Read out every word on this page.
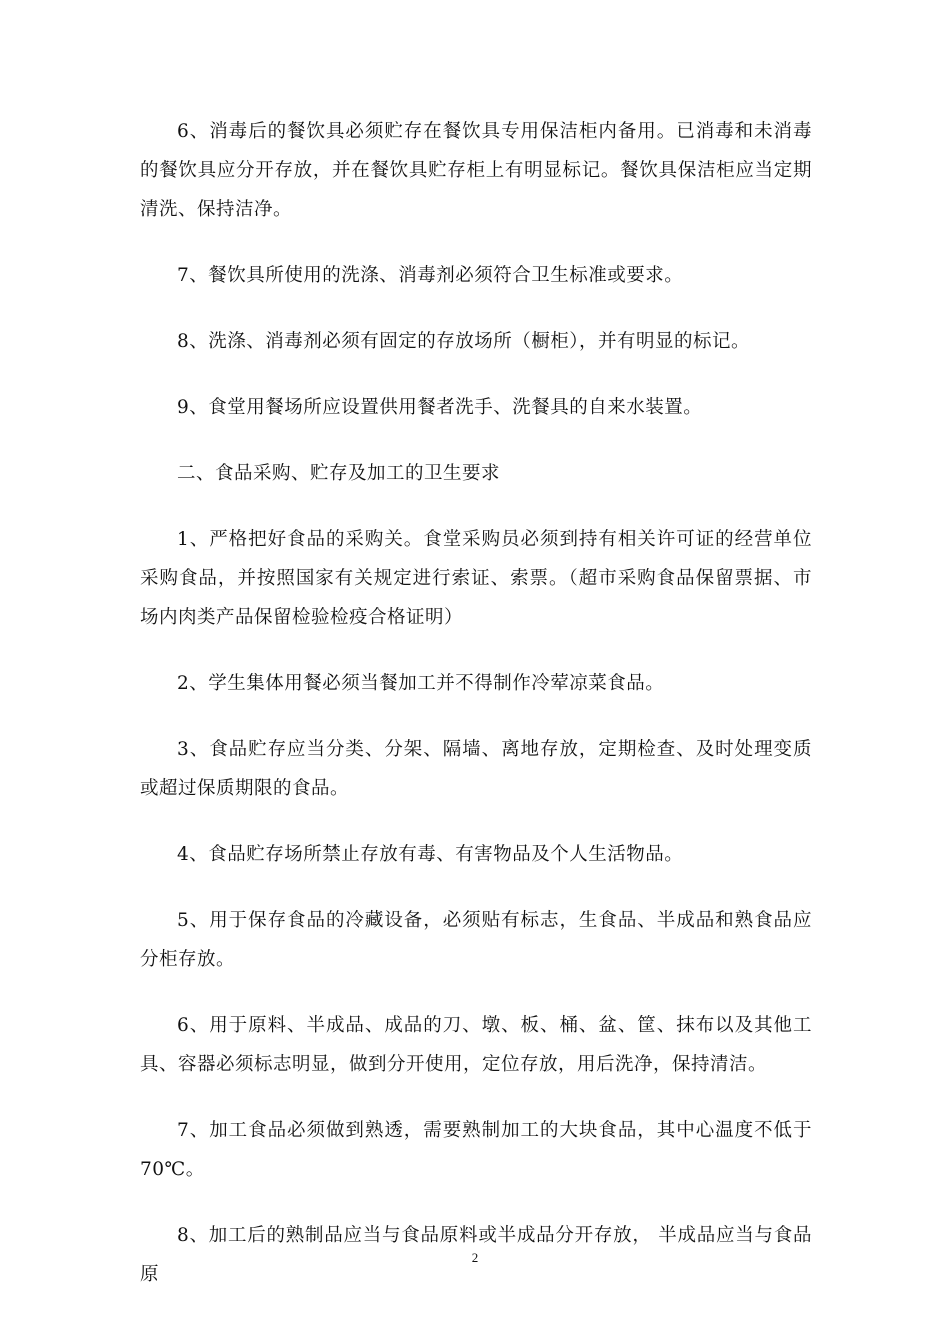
6、消毒后的餐饮具必须贮存在餐饮具专用保洁柜内备用。已消毒和未消毒的餐饮具应分开存放，并在餐饮具贮存柜上有明显标记。餐饮具保洁柜应当定期清洗、保持洁净。

7、餐饮具所使用的洗涤、消毒剂必须符合卫生标准或要求。

8、洗涤、消毒剂必须有固定的存放场所（橱柜），并有明显的标记。

9、食堂用餐场所应设置供用餐者洗手、洗餐具的自来水装置。

二、食品采购、贮存及加工的卫生要求

1、严格把好食品的采购关。食堂采购员必须到持有相关许可证的经营单位采购食品，并按照国家有关规定进行索证、索票。（超市采购食品保留票据、市场内肉类产品保留检验检疫合格证明）

2、学生集体用餐必须当餐加工并不得制作冷荤凉菜食品。

3、食品贮存应当分类、分架、隔墙、离地存放，定期检查、及时处理变质或超过保质期限的食品。

4、食品贮存场所禁止存放有毒、有害物品及个人生活物品。

5、用于保存食品的冷藏设备，必须贴有标志，生食品、半成品和熟食品应分柜存放。

6、用于原料、半成品、成品的刀、墩、板、桶、盆、筐、抹布以及其他工具、容器必须标志明显，做到分开使用，定位存放，用后洗净，保持清洁。

7、加工食品必须做到熟透，需要熟制加工的大块食品，其中心温度不低于70℃。

8、加工后的熟制品应当与食品原料或半成品分开存放， 半成品应当与食品原

2
